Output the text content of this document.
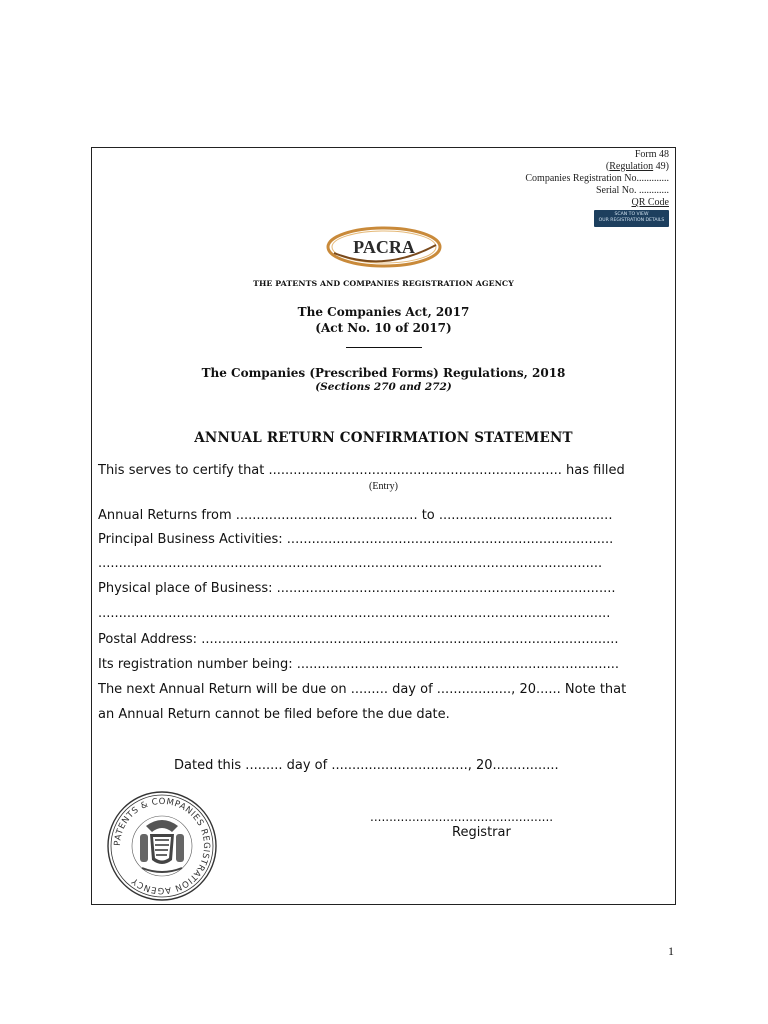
Form 48
(Regulation 49)
Companies Registration No.............
Serial No. ............
QR Code
SCAN TO VIEW
OUR REGISTRATION DETAILS
PACRA
THE PATENTS AND COMPANIES REGISTRATION AGENCY
The Companies Act, 2017
(Act No. 10 of 2017)
The Companies (Prescribed Forms) Regulations, 2018
(Sections 270 and 272)
ANNUAL RETURN CONFIRMATION STATEMENT
This serves to certify that ....................................................................... has filled
(Entry)
Annual Returns from ............................................ to ..........................................
Principal Business Activities: ...............................................................................
..........................................................................................................................
Physical place of Business: ..................................................................................
............................................................................................................................
Postal Address: .....................................................................................................
Its registration number being: ..............................................................................
The next Annual Return will be due on ......... day of .................., 20...... Note that
an Annual Return cannot be filed before the due date.
Dated this ......... day of ................................., 20................
PATENTS & COMPANIES REGISTRATION AGENCY
................................................
Registrar
1
